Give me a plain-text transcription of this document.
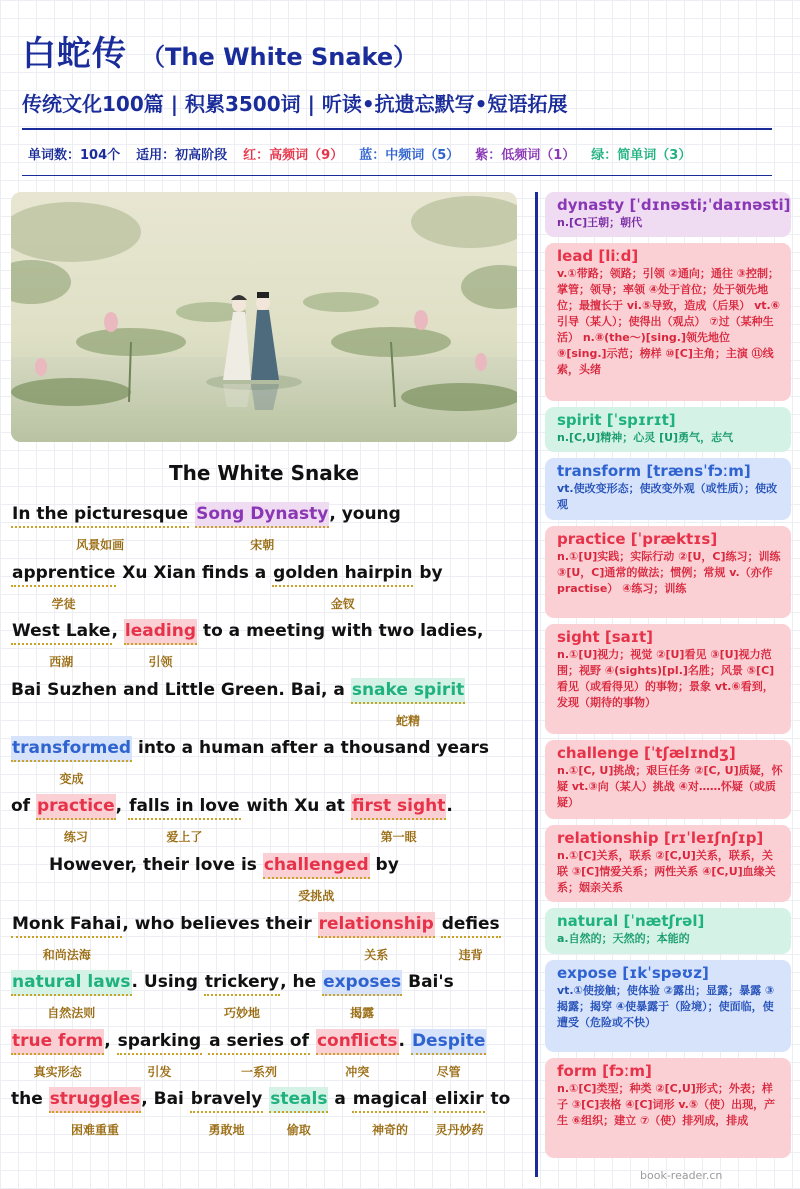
白蛇传 （The White Snake）
传统文化100篇 | 积累3500词 | 听读•抗遗忘默写•短语拓展
单词数：104个 适用：初高阶段 红：高频词（9） 蓝：中频词（5） 紫：低频词（1） 绿：简单词（3）
The White Snake
In the picturesque
风景如画
Song Dynasty
宋朝
, young
apprentice
学徒
Xu Xian finds a golden hairpin
金钗
by
West Lake
西湖
, leading
引领
to a meeting with two ladies,
Bai Suzhen and Little Green. Bai, a snake spirit
蛇精
transformed
变成
into a human after a thousand years
of practice
练习
, falls in love
爱上了
with Xu at first sight
第一眼
.
However, their love is challenged
受挑战
by
Monk Fahai
和尚法海
, who believes their relationship
关系
defies
违背
natural laws
自然法则
. Using trickery
巧妙地
, he exposes
揭露
Bai's
true form
真实形态
, sparking
引发
a series of
一系列
conflicts
冲突
. Despite
尽管
the struggles
困难重重
, Bai bravely
勇敢地
steals
偷取
a magical
神奇的
elixir
灵丹妙药
to
dynasty [ˈdɪnəsti;ˈdaɪnəsti]
n.[C]王朝；朝代
lead [liːd]
v.①带路；领路；引领 ②通向；通往 ③控制；掌管；领导；率领 ④处于首位；处于领先地位；最擅长于 vi.⑤导致，造成（后果） vt.⑥引导（某人）；使得出（观点） ⑦过（某种生活） n.⑧(the～)[sing.]领先地位 ⑨[sing.]示范；榜样 ⑩[C]主角；主演 ⑪线索，头绪
spirit [ˈspɪrɪt]
n.[C,U]精神；心灵 [U]勇气，志气
transform [trænsˈfɔːm]
vt.使改变形态；使改变外观（或性质）；使改观
practice [ˈpræktɪs]
n.①[U]实践；实际行动 ②[U，C]练习；训练 ③[U，C]通常的做法；惯例；常规 v.（亦作practise） ④练习；训练
sight [saɪt]
n.①[U]视力；视觉 ②[U]看见 ③[U]视力范围；视野 ④(sights)[pl.]名胜；风景 ⑤[C]看见（或看得见）的事物；景象 vt.⑥看到，发现（期待的事物）
challenge [ˈtʃælɪndʒ]
n.①[C, U]挑战；艰巨任务 ②[C, U]质疑，怀疑 vt.③向（某人）挑战 ④对……怀疑（或质疑）
relationship [rɪˈleɪʃnʃɪp]
n.①[C]关系，联系 ②[C,U]关系，联系，关联 ③[C]情爱关系；两性关系 ④[C,U]血缘关系；姻亲关系
natural [ˈnætʃrəl]
a.自然的；天然的；本能的
expose [ɪkˈspəʊz]
vt.①使接触；使体验 ②露出；显露；暴露 ③揭露；揭穿 ④使暴露于（险境）；使面临，使遭受（危险或不快）
form [fɔːm]
n.①[C]类型；种类 ②[C,U]形式；外表；样子 ③[C]表格 ④[C]词形 v.⑤（使）出现，产生 ⑥组织；建立 ⑦（使）排列成，排成
book-reader.cn
